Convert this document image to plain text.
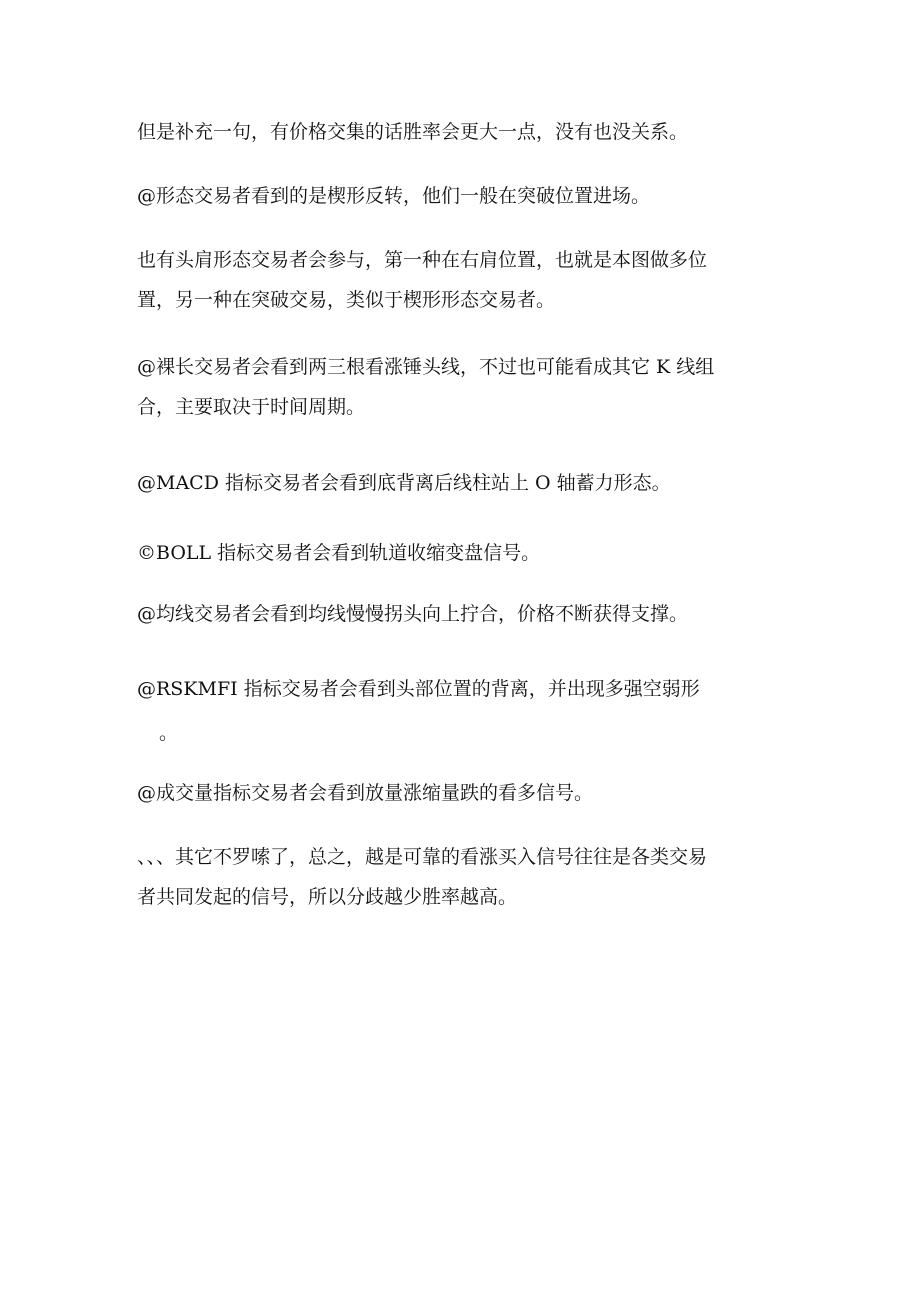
但是补充一句，有价格交集的话胜率会更大一点，没有也没关系。

@形态交易者看到的是楔形反转，他们一般在突破位置进场。

也有头肩形态交易者会参与，第一种在右肩位置，也就是本图做多位
置，另一种在突破交易，类似于楔形形态交易者。

@裸长交易者会看到两三根看涨锤头线，不过也可能看成其它 K 线组
合，主要取决于时间周期。

@MACD 指标交易者会看到底背离后线柱站上 O 轴蓄力形态。

©BOLL 指标交易者会看到轨道收缩变盘信号。

@均线交易者会看到均线慢慢拐头向上拧合，价格不断获得支撑。

@RSKMFI 指标交易者会看到头部位置的背离，并出现多强空弱形
。

@成交量指标交易者会看到放量涨缩量跌的看多信号。

、、、其它不罗嗦了，总之，越是可靠的看涨买入信号往往是各类交易
者共同发起的信号，所以分歧越少胜率越高。
